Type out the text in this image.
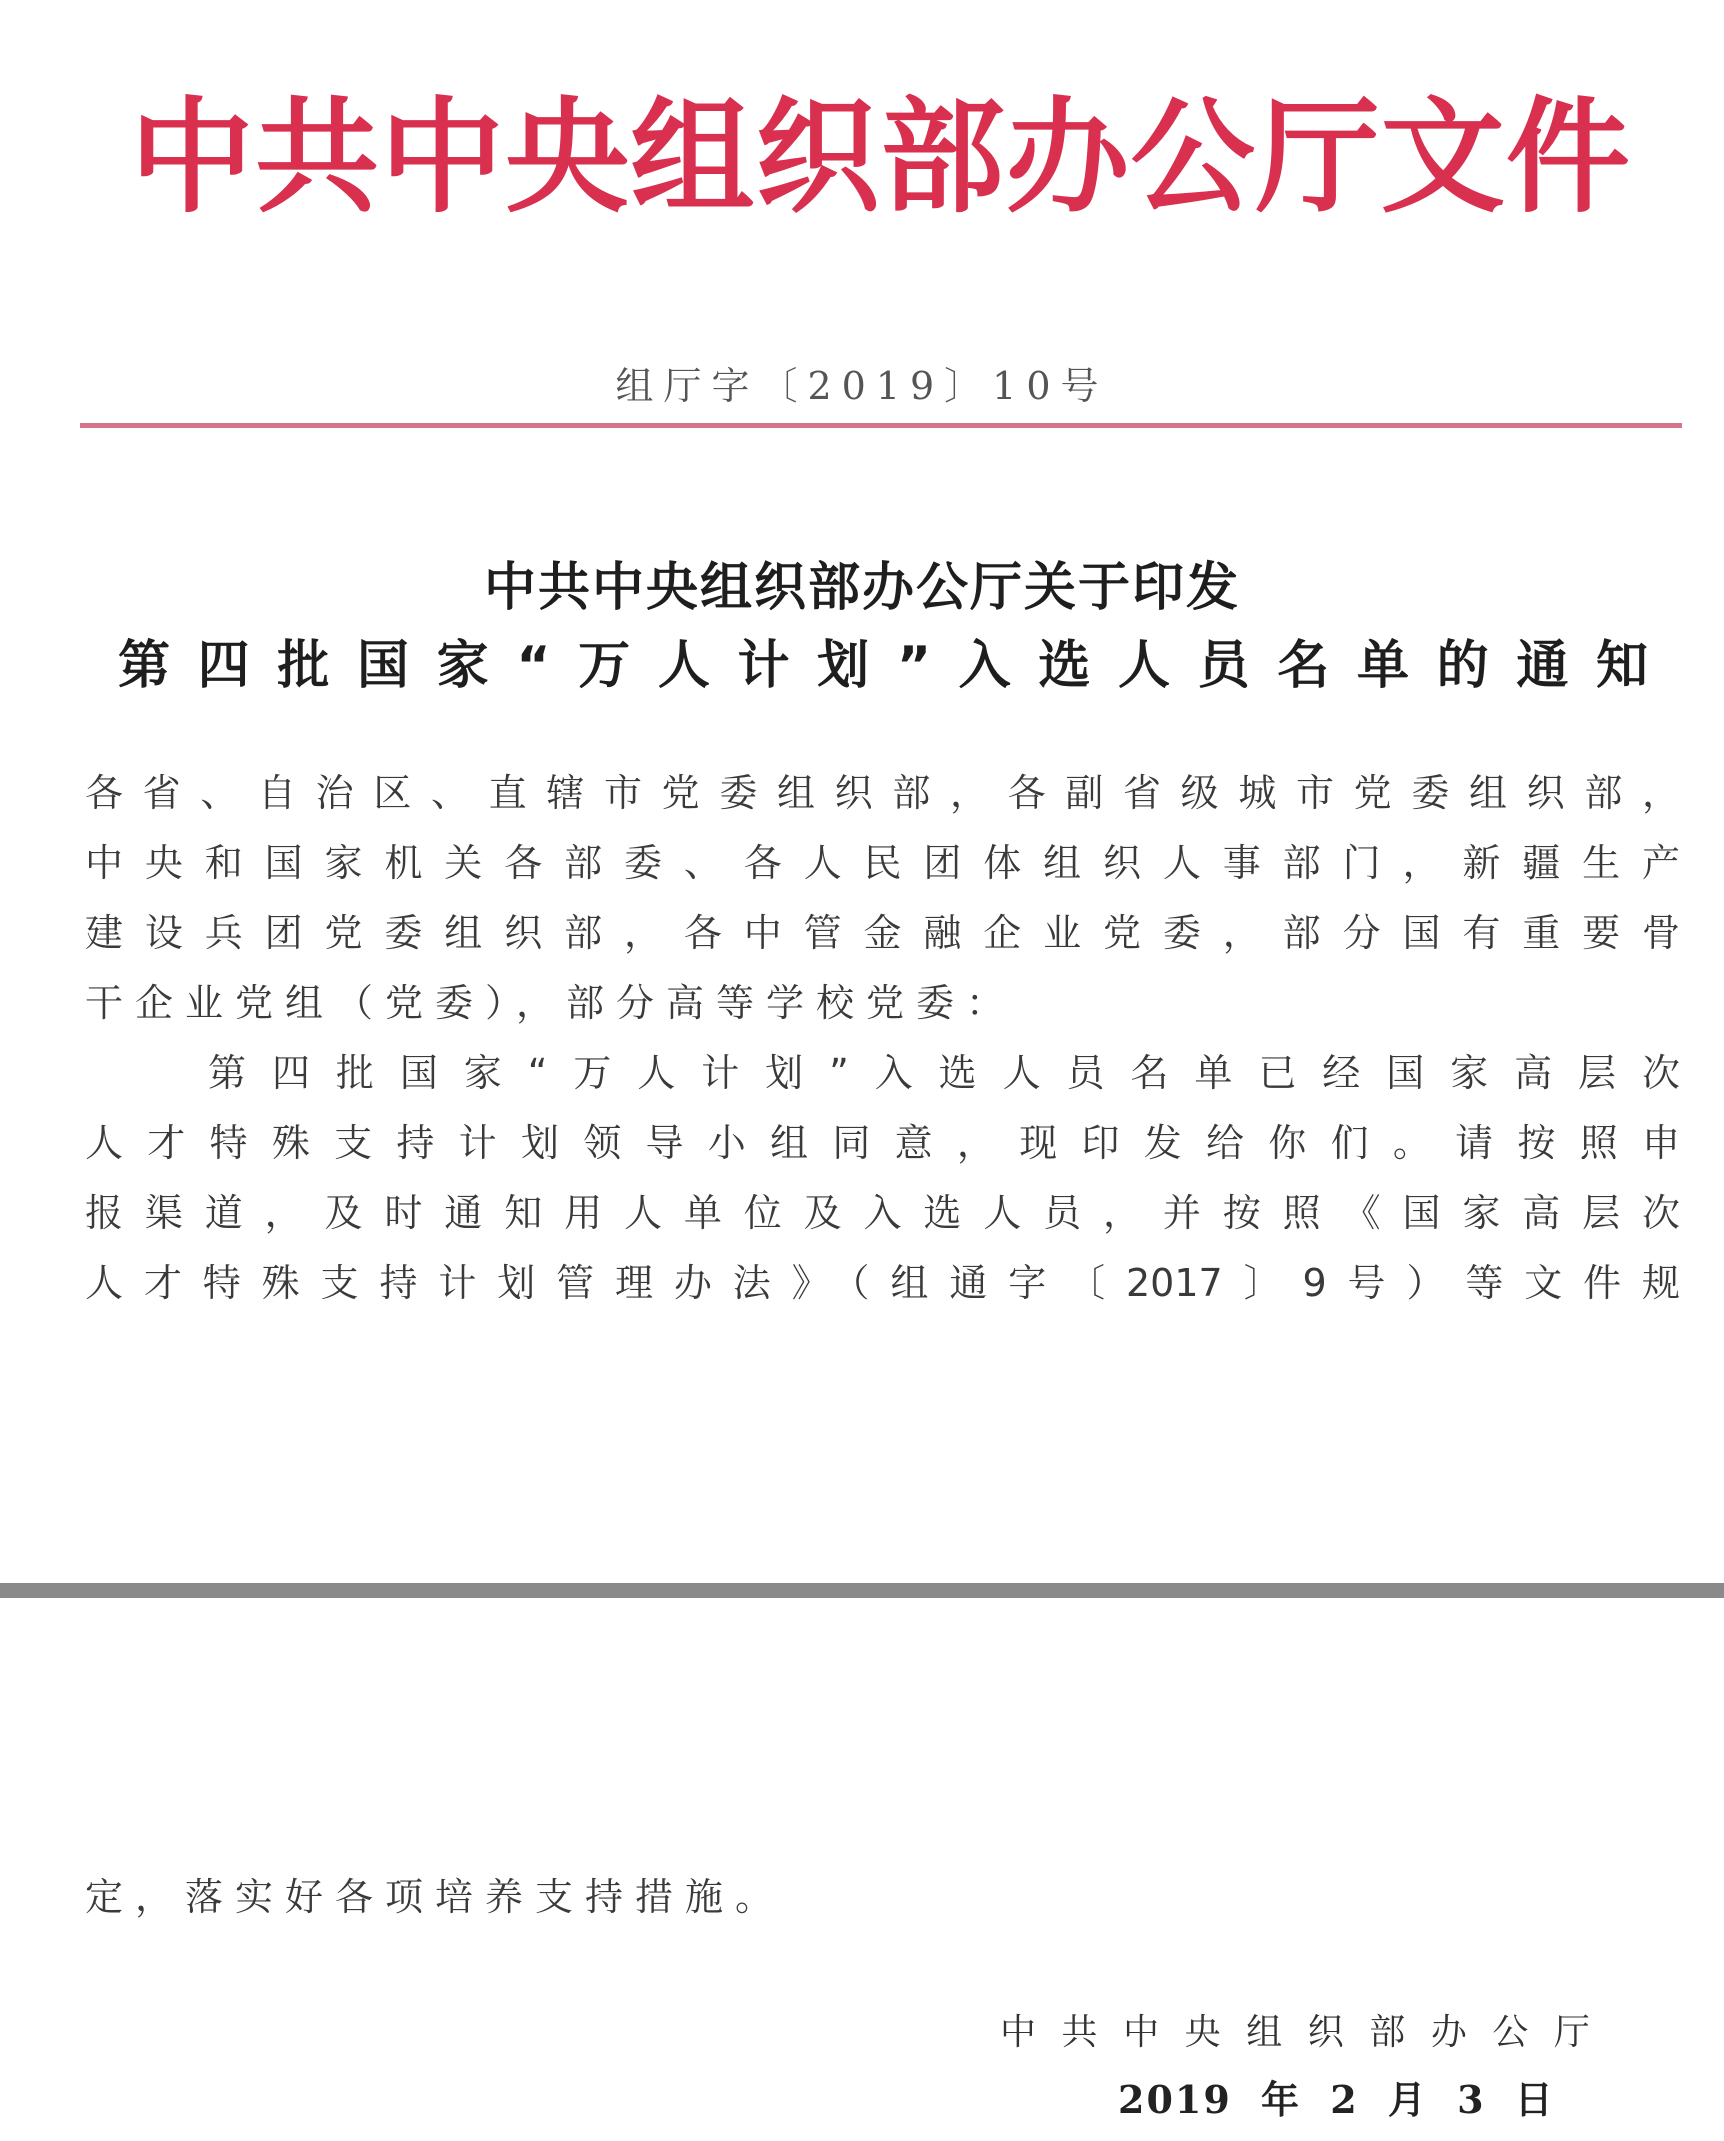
中 共 中 央 组 织 部 办 公 厅 文 件
组厅字〔2019〕10号
中共中央组织部办公厅关于印发
第四批国家“万人计划”入选人员名单的通知
各省、自治区、直辖市党委组织部，各副省级城市党委组织部，
中央和国家机关各部委、各人民团体组织人事部门，新疆生产
建设兵团党委组织部，各中管金融企业党委，部分国有重要骨
干企业党组（党委），部分高等学校党委：
第四批国家“万人计划”入选人员名单已经国家高层次
人才特殊支持计划领导小组同意，现印发给你们。请按照申
报渠道，及时通知用人单位及入选人员，并按照《国家高层次
人才特殊支持计划管理办法》（组通字〔2017〕9号）等文件规
定，落实好各项培养支持措施。
中 共 中 央 组 织 部 办 公 厅
2019 年 2 月 3 日
